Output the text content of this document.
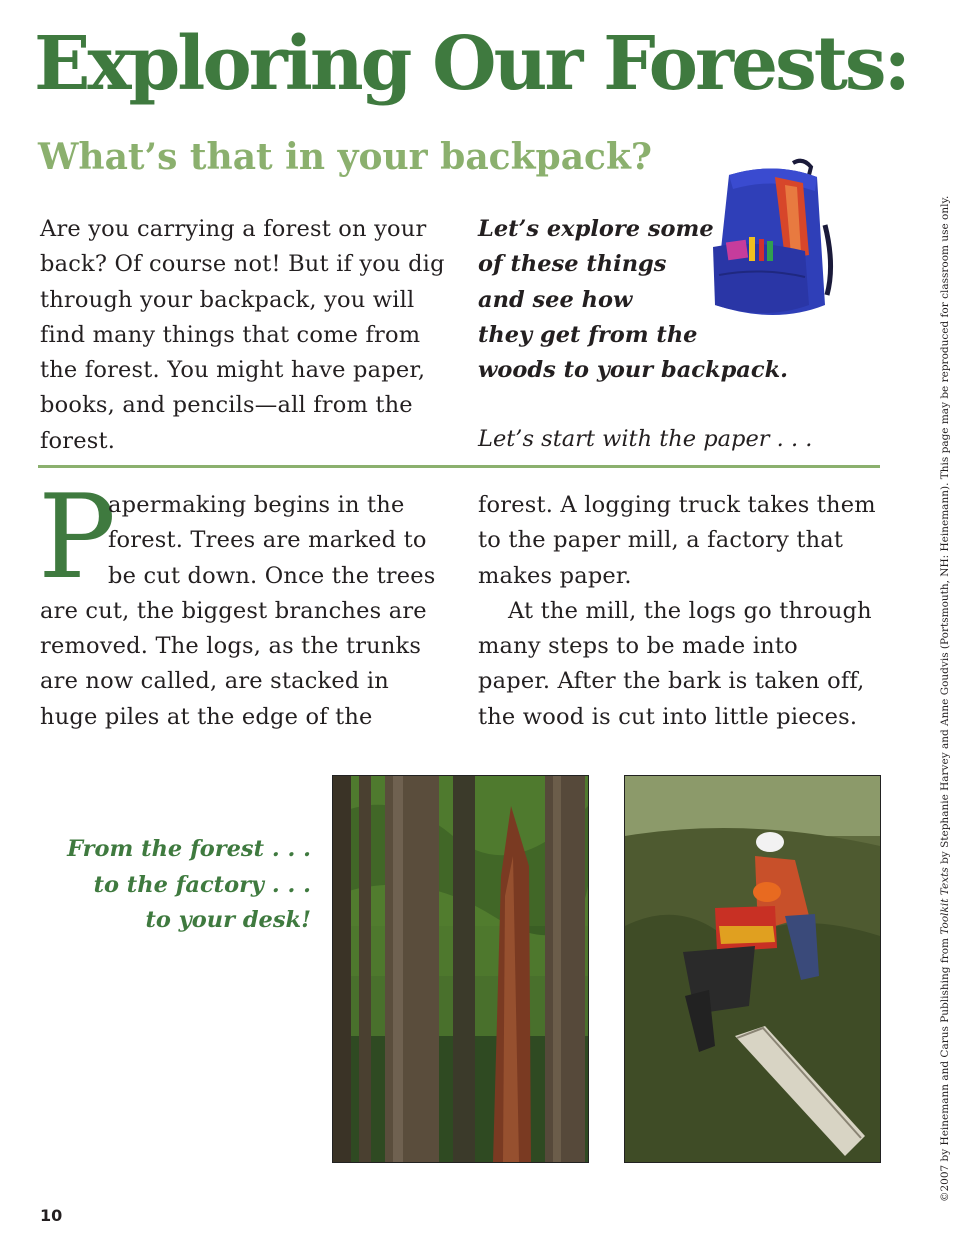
Exploring Our Forests:
What’s that in your backpack?
Are you carrying a forest on your
back? Of course not! But if you dig
through your backpack, you will
find many things that come from
the forest. You might have paper,
books, and pencils—all from the
forest.
Let’s explore some
of these things
and see how
they get from the
woods to your backpack.

Let’s start with the paper . . .

P
apermaking begins in the
forest. Trees are marked to
be cut down. Once the trees
are cut, the biggest branches are
removed. The logs, as the trunks
are now called, are stacked in
huge piles at the edge of the
forest. A logging truck takes them
to the paper mill, a factory that
makes paper.
At the mill, the logs go through
many steps to be made into
paper. After the bark is taken off,
the wood is cut into little pieces.
From the forest . . .
to the factory . . .
to your desk!

10

©2007 by Heinemann and Carus Publishing from Toolkit Texts by Stephanie Harvey and Anne Goudvis (Portsmouth, NH: Heinemann). This page may be reproduced for classroom use only.
